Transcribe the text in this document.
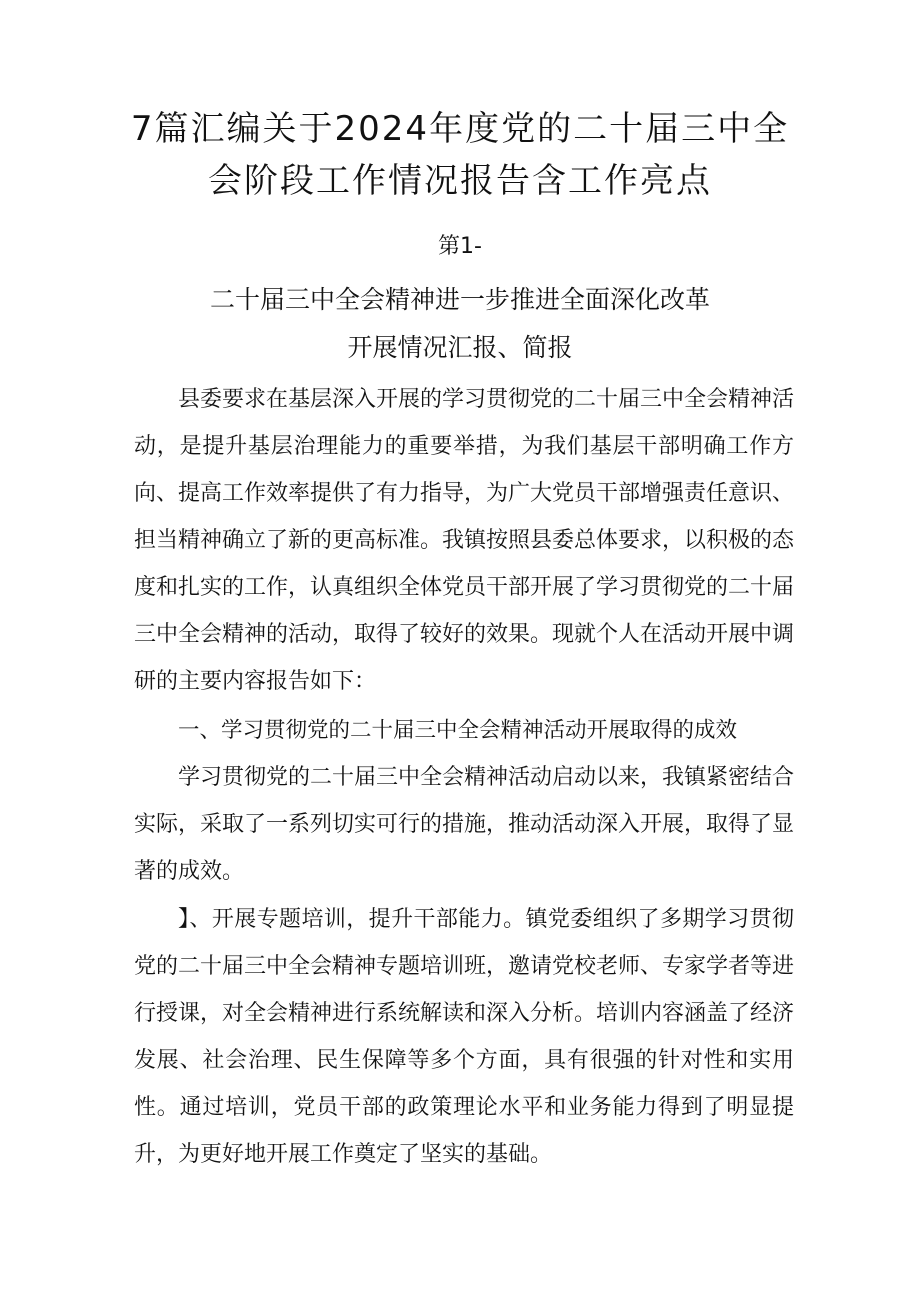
7篇汇编关于2024年度党的二十届三中全
会阶段工作情况报告含工作亮点
第1-
二十届三中全会精神进一步推进全面深化改革
开展情况汇报、简报

县委要求在基层深入开展的学习贯彻党的二十届三中全会精神活动，是提升基层治理能力的重要举措，为我们基层干部明确工作方向、提高工作效率提供了有力指导，为广大党员干部增强责任意识、担当精神确立了新的更高标准。我镇按照县委总体要求，以积极的态度和扎实的工作，认真组织全体党员干部开展了学习贯彻党的二十届三中全会精神的活动，取得了较好的效果。现就个人在活动开展中调研的主要内容报告如下：

一、学习贯彻党的二十届三中全会精神活动开展取得的成效

学习贯彻党的二十届三中全会精神活动启动以来，我镇紧密结合实际，采取了一系列切实可行的措施，推动活动深入开展，取得了显著的成效。

】、开展专题培训，提升干部能力。镇党委组织了多期学习贯彻党的二十届三中全会精神专题培训班，邀请党校老师、专家学者等进行授课，对全会精神进行系统解读和深入分析。培训内容涵盖了经济发展、社会治理、民生保障等多个方面，具有很强的针对性和实用性。通过培训，党员干部的政策理论水平和业务能力得到了明显提升，为更好地开展工作奠定了坚实的基础。
